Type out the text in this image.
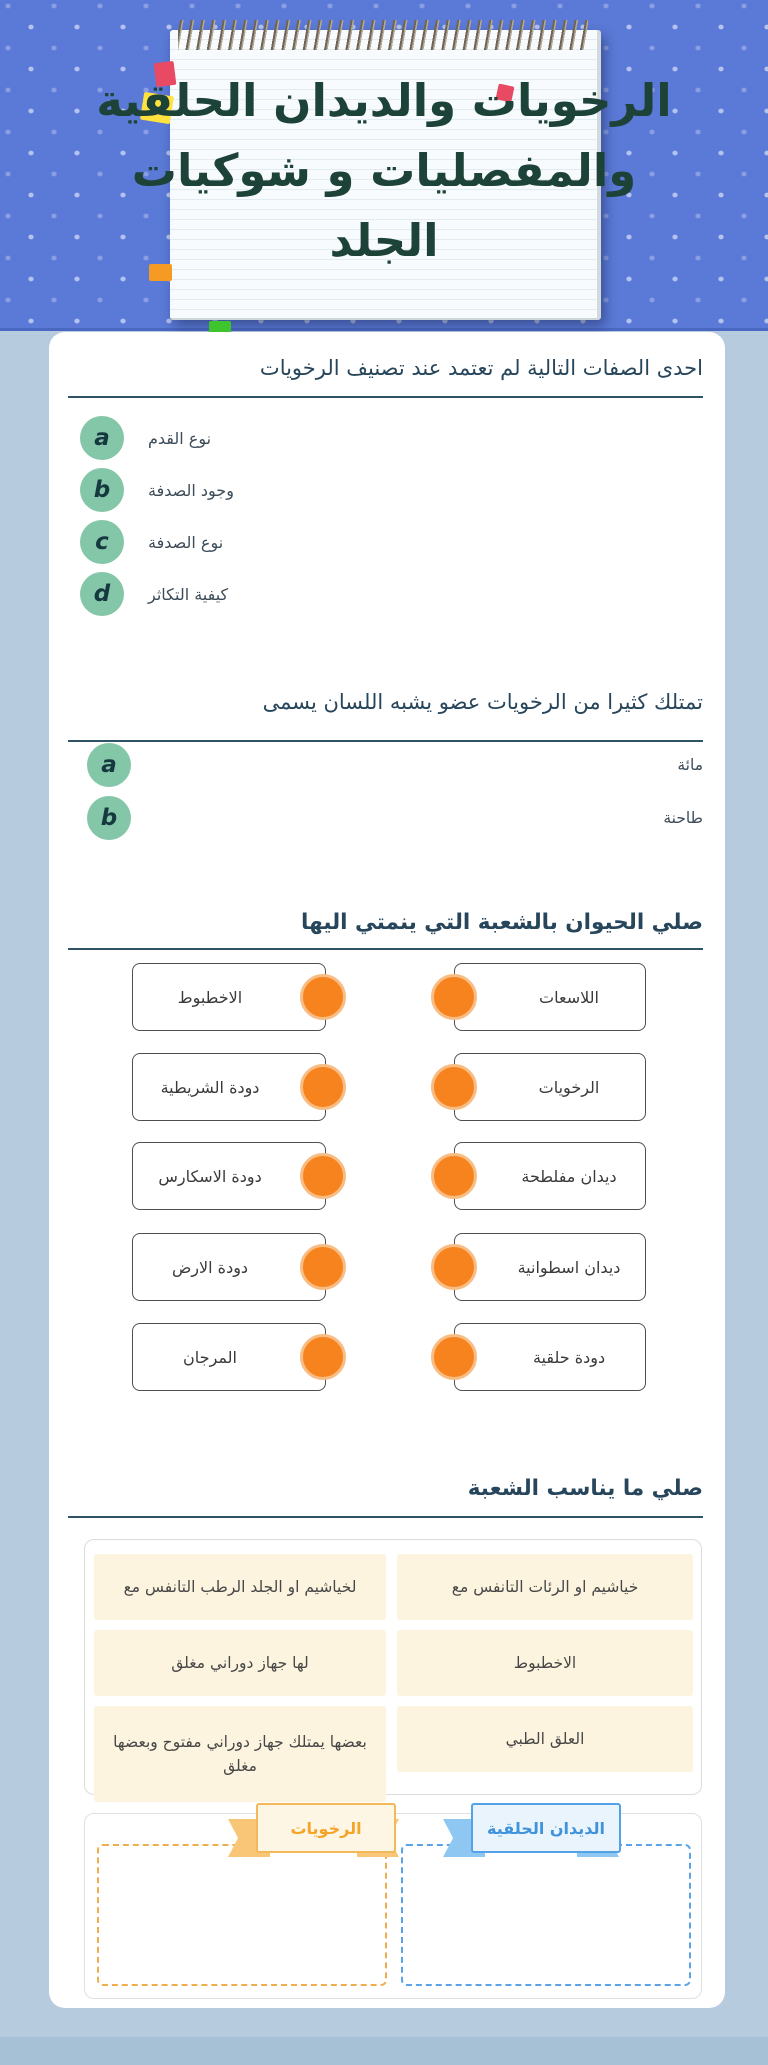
الرخويات والديدان الحلقية
والمفصليات و شوكيات
الجلد
احدى الصفات التالية لم تعتمد عند تصنيف الرخويات
a	نوع القدم
b	وجود الصدفة
c	نوع الصدفة
d	كيفية التكاثر
تمتلك كثيرا من الرخويات عضو يشبه اللسان يسمى
a	مائة
b	طاحنة
صلي الحيوان بالشعبة التي ينمتي اليها
الاخطبوط	اللاسعات
دودة الشريطية	الرخويات
دودة الاسكارس	ديدان مفلطحة
دودة الارض	ديدان اسطوانية
المرجان	دودة حلقية
صلي ما يناسب الشعبة
خياشيم او الرئات التانفس مع
لخياشيم او الجلد الرطب التانفس مع
الاخطبوط
لها جهاز دوراني مغلق
العلق الطبي
بعضها يمتلك جهاز دوراني مفتوح وبعضها مغلق
الرخويات	الديدان الحلقية
